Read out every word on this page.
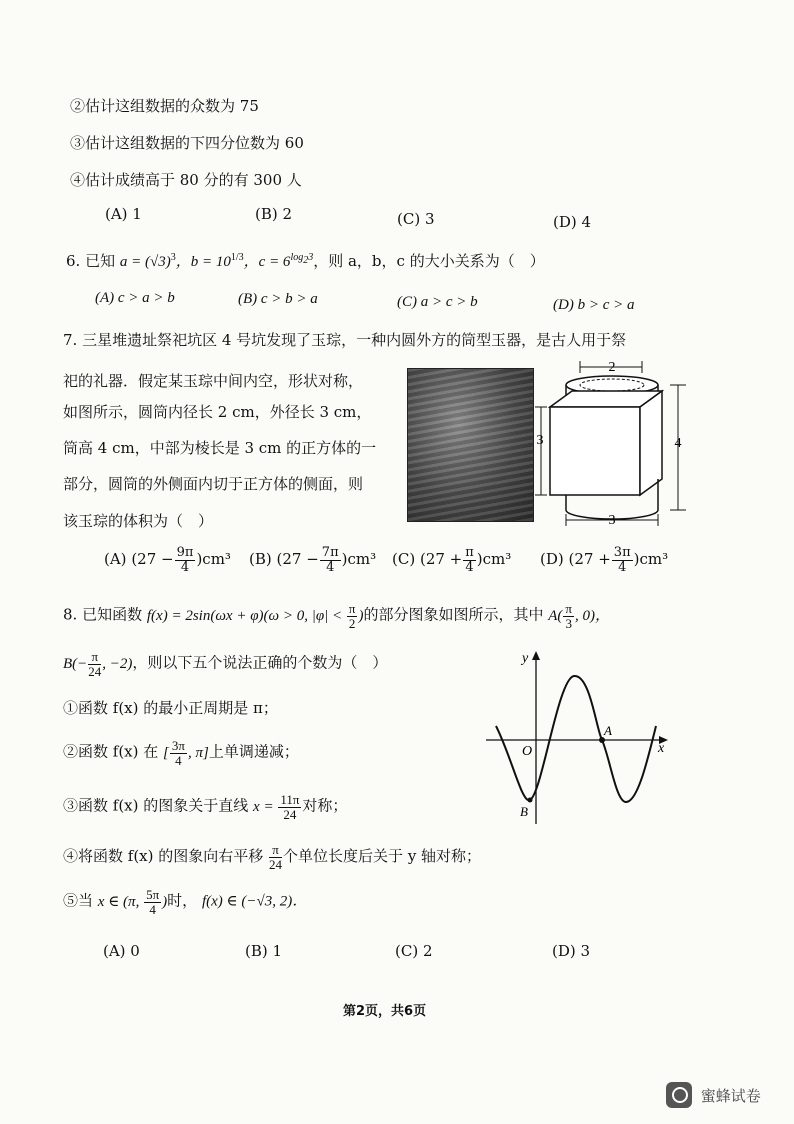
②估计这组数据的众数为 75
③估计这组数据的下四分位数为 60
④估计成绩高于 80 分的有 300 人
(A) 1	(B) 2	(C) 3	(D) 4
6. 已知 $a = (√3)^3$，$b = 10^{1/3}$，$c = 6^{log_23}$，则 a，b，c 的大小关系为（　）
(A) c > a > b	(B) c > b > a	(C) a > c > b	(D) b > c > a
7. 三星堆遗址祭祀坑区 4 号坑发现了玉琮，一种内圆外方的筒型玉器，是古人用于祭
祀的礼器．假定某玉琮中间内空，形状对称，
如图所示，圆筒内径长 2 cm，外径长 3 cm，
筒高 4 cm，中部为棱长是 3 cm 的正方体的一
部分，圆筒的外侧面内切于正方体的侧面，则
该玉琮的体积为（　）
2
3	4
3
(A) $(27 - \frac{9\pi}{4} )cm^3$ (B) $(27 - \frac{7\pi}{4} )cm^3$ (C) $(27 + \frac{\pi}{4} )cm^3$ (D) $(27 + \frac{3\pi}{4} )cm^3$
8. 已知函数 f(x) = 2sin(ωx + φ)(ω > 0, $|\varphi| < \frac{\pi}{2}$ )的部分图象如图所示，其中 $A( \frac{\pi}{3}$ , 0)，
$B(- \frac{\pi}{24}$ , −2)，则以下五个说法正确的个数为（　）
①函数 f(x) 的最小正周期是 π；
②函数 f(x) 在 [ $\frac{3\pi}{4}$ , π]上单调递减；
③函数 f(x) 的图象关于直线 $x = \frac{11\pi}{24}$ 对称；
④将函数 f(x) 的图象向右平移 $\frac{\pi}{24}$ 个单位长度后关于 y 轴对称；
⑤当 x ∈ (π, $\frac{5\pi}{4}$ )时， f(x) ∈ (−√3, 2)．
y
x
O
A
B
(A) 0	(B) 1	(C) 2	(D) 3
第2页，共6页
蜜蜂试卷
